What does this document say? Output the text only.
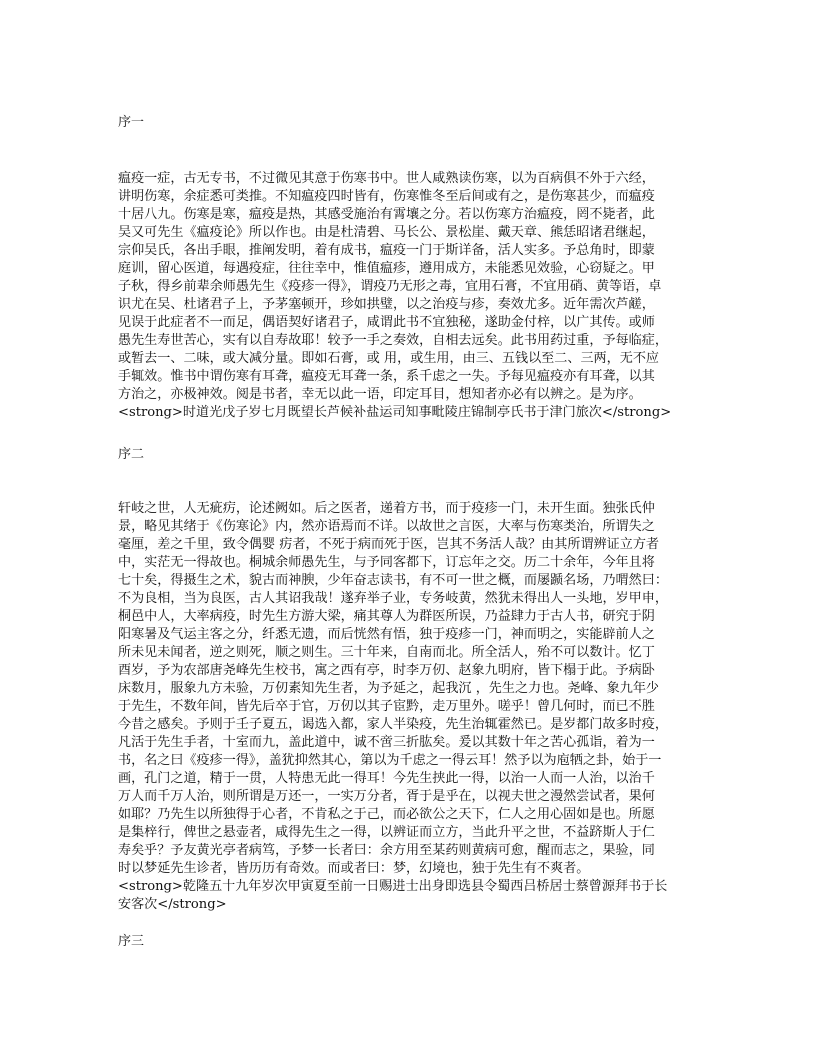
序一
瘟疫一症，古无专书，不过微见其意于伤寒书中。世人咸熟读伤寒，以为百病俱不外于六经，
讲明伤寒，余症悉可类推。不知瘟疫四时皆有，伤寒惟冬至后间或有之，是伤寒甚少，而瘟疫
十居八九。伤寒是寒，瘟疫是热，其感受施治有霄壤之分。若以伤寒方治瘟疫，罔不毙者，此
吴又可先生《瘟疫论》所以作也。由是杜清碧、马长公、景松崖、戴天章、熊恁昭诸君继起，
宗仰吴氏，各出手眼，推阐发明，着有成书，瘟疫一门于斯详备，活人实多。予总角时，即蒙
庭训，留心医道，每遇疫症，往往幸中，惟值瘟疹，遵用成方，未能悉见效验，心窃疑之。甲
子秋，得乡前辈余师愚先生《疫疹一得》，谓疫乃无形之毒，宜用石膏，不宜用硝、黄等语，卓
识尤在吴、杜诸君子上，予茅塞顿开，珍如拱璧，以之治疫与疹，奏效尤多。近年需次芦鹾，
见误于此症者不一而足，偶语契好诸君子，咸谓此书不宜独秘，遂助金付梓，以广其传。或师
愚先生寿世苦心，实有以自寿故耶！较予一手之奏效，自相去远矣。此书用药过重，予每临症，
或暂去一、二味，或大减分量。即如石膏，或 用，或生用，由三、五钱以至二、三两，无不应
手辄效。惟书中谓伤寒有耳聋，瘟疫无耳聋一条，系千虑之一失。予每见瘟疫亦有耳聋，以其
方治之，亦极神效。阅是书者，幸无以此一语，印定耳目，想知者亦必有以辨之。是为序。
<strong>时道光戊子岁七月既望长芦候补盐运司知事毗陵庄锦制亭氏书于津门旅次</strong>
序二
轩岐之世，人无疵疠，论述阙如。后之医者，递着方书，而于疫疹一门，未开生面。独张氏仲
景，略见其绪于《伤寒论》内，然亦语焉而不详。以故世之言医，大率与伤寒类治，所谓失之
毫厘，差之千里，致令偶婴 疠者，不死于病而死于医，岂其不务活人哉？由其所谓辨证立方者
中，实茫无一得故也。桐城余师愚先生，与予同客都下，订忘年之交。历二十余年，今年且将
七十矣，得摄生之术，貌古而神腴，少年奋志读书，有不可一世之概，而屡踬名场，乃喟然曰：
不为良相，当为良医，古人其诏我哉！遂弃举子业，专务岐黄，然犹未得出人一头地，岁甲申，
桐邑中人，大率病疫，时先生方游大梁，痛其尊人为群医所误，乃益肆力于古人书，研究于阴
阳寒暑及气运主客之分，纤悉无遗，而后恍然有悟，独于疫疹一门，神而明之，实能辟前人之
所未见未闻者，逆之则死，顺之则生。三十年来，自南而北。所全活人，殆不可以数计。忆丁
酉岁，予为农部唐尧峰先生校书，寓之西有亭，时李万仞、赵象九明府，皆下榻于此。予病卧
床数月，服象九方未验，万仞素知先生者，为予延之，起我沉 ，先生之力也。尧峰、象九年少
于先生，不数年间，皆先后卒于官，万仞以其子宦黔，走万里外。嗟乎！曾几何时，而已不胜
今昔之感矣。予则于壬子夏五，谒选入都，家人半染疫，先生治辄霍然已。是岁都门故多时疫，
凡活于先生手者，十室而九，盖此道中，诚不啻三折肱矣。爰以其数十年之苦心孤诣，着为一
书，名之曰《疫疹一得》，盖犹抑然其心，第以为千虑之一得云耳！然予以为庖牺之卦，始于一
画，孔门之道，精于一贯，人特患无此一得耳！今先生挟此一得，以治一人而一人治，以治千
万人而千万人治，则所谓是万还一，一实万分者，胥于是乎在，以视夫世之漫然尝试者，果何
如耶？乃先生以所独得于心者，不肯私之于己，而必欲公之天下，仁人之用心固如是也。所愿
是集梓行，俾世之悬壶者，咸得先生之一得，以辨证而立方，当此升平之世，不益跻斯人于仁
寿矣乎？予友黄光亭者病笃，予梦一长者曰：余方用至某药则黄病可愈，醒而志之，果验，同
时以梦延先生诊者，皆历历有奇效。而或者曰：梦，幻境也，独于先生有不爽者。
<strong>乾隆五十九年岁次甲寅夏至前一日赐进士出身即选县令蜀西吕桥居士蔡曾源拜书于长
安客次</strong>
序三
